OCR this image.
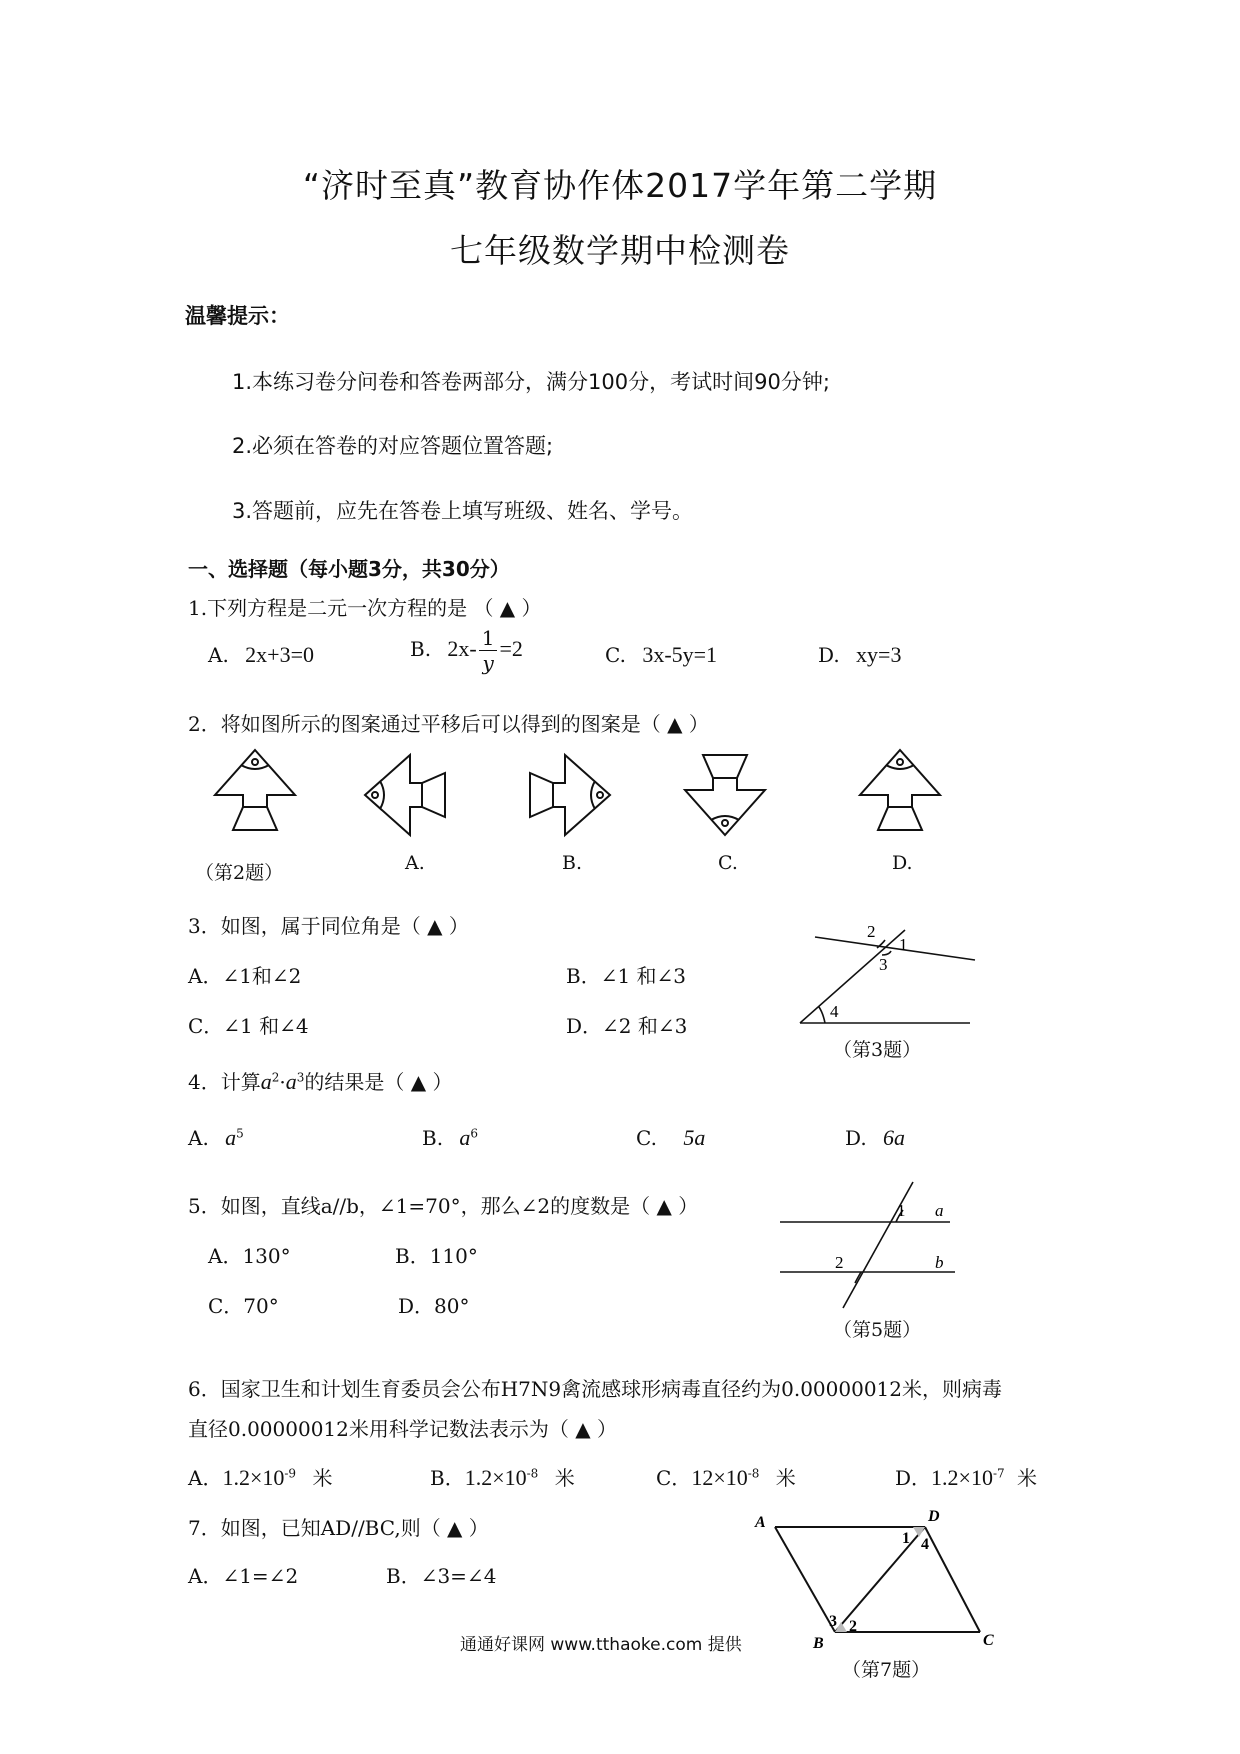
“济时至真”教育协作体2017学年第二学期
七年级数学期中检测卷
温馨提示：
1.本练习卷分问卷和答卷两部分，满分100分，考试时间90分钟;
2.必须在答卷的对应答题位置答题;
3.答题前，应先在答卷上填写班级、姓名、学号。
一、选择题（每小题3分，共30分）
1.下列方程是二元一次方程的是 （ ▲ ）
A. 2x+3=0	B. $2x- \frac{1}{y} =2$	C. 3x-5y=1	D. xy=3
2．将如图所示的图案通过平移后可以得到的图案是（ ▲ ）
（第2题）	A.	B.	C.	D.
3．如图，属于同位角是（ ▲ ）
A．∠1和∠2	B．∠1 和∠3
C．∠1 和∠4	D．∠2 和∠3
2
1
3
4
（第3题）
4．计算$a^2\cdot a^3$的结果是（ ▲ ）
A. $a^5$	B. $a^6$	C. 5a	D. 6a
5．如图，直线a//b，∠1=70°，那么∠2的度数是（ ▲ ）
A．130°	B．110°
C．70°	D．80°
1 a
2	b
（第5题）
6．国家卫生和计划生育委员会公布H7N9禽流感球形病毒直径约为0.00000012米，则病毒
直径0.00000012米用科学记数法表示为（ ▲ ）
A．$1.2\times 10^{-9}$ 米	B．$1.2\times 10^{-8}$ 米	C．$12\times 10^{-8}$ 米	D．$1.2\times 10^{-7}$ 米
7．如图，已知AD//BC,则（ ▲ ）
A．∠1=∠2	B．∠3=∠4
A	D
B	C
1 4
3 2
（第7题）
通通好课网 www.tthaoke.com 提供
